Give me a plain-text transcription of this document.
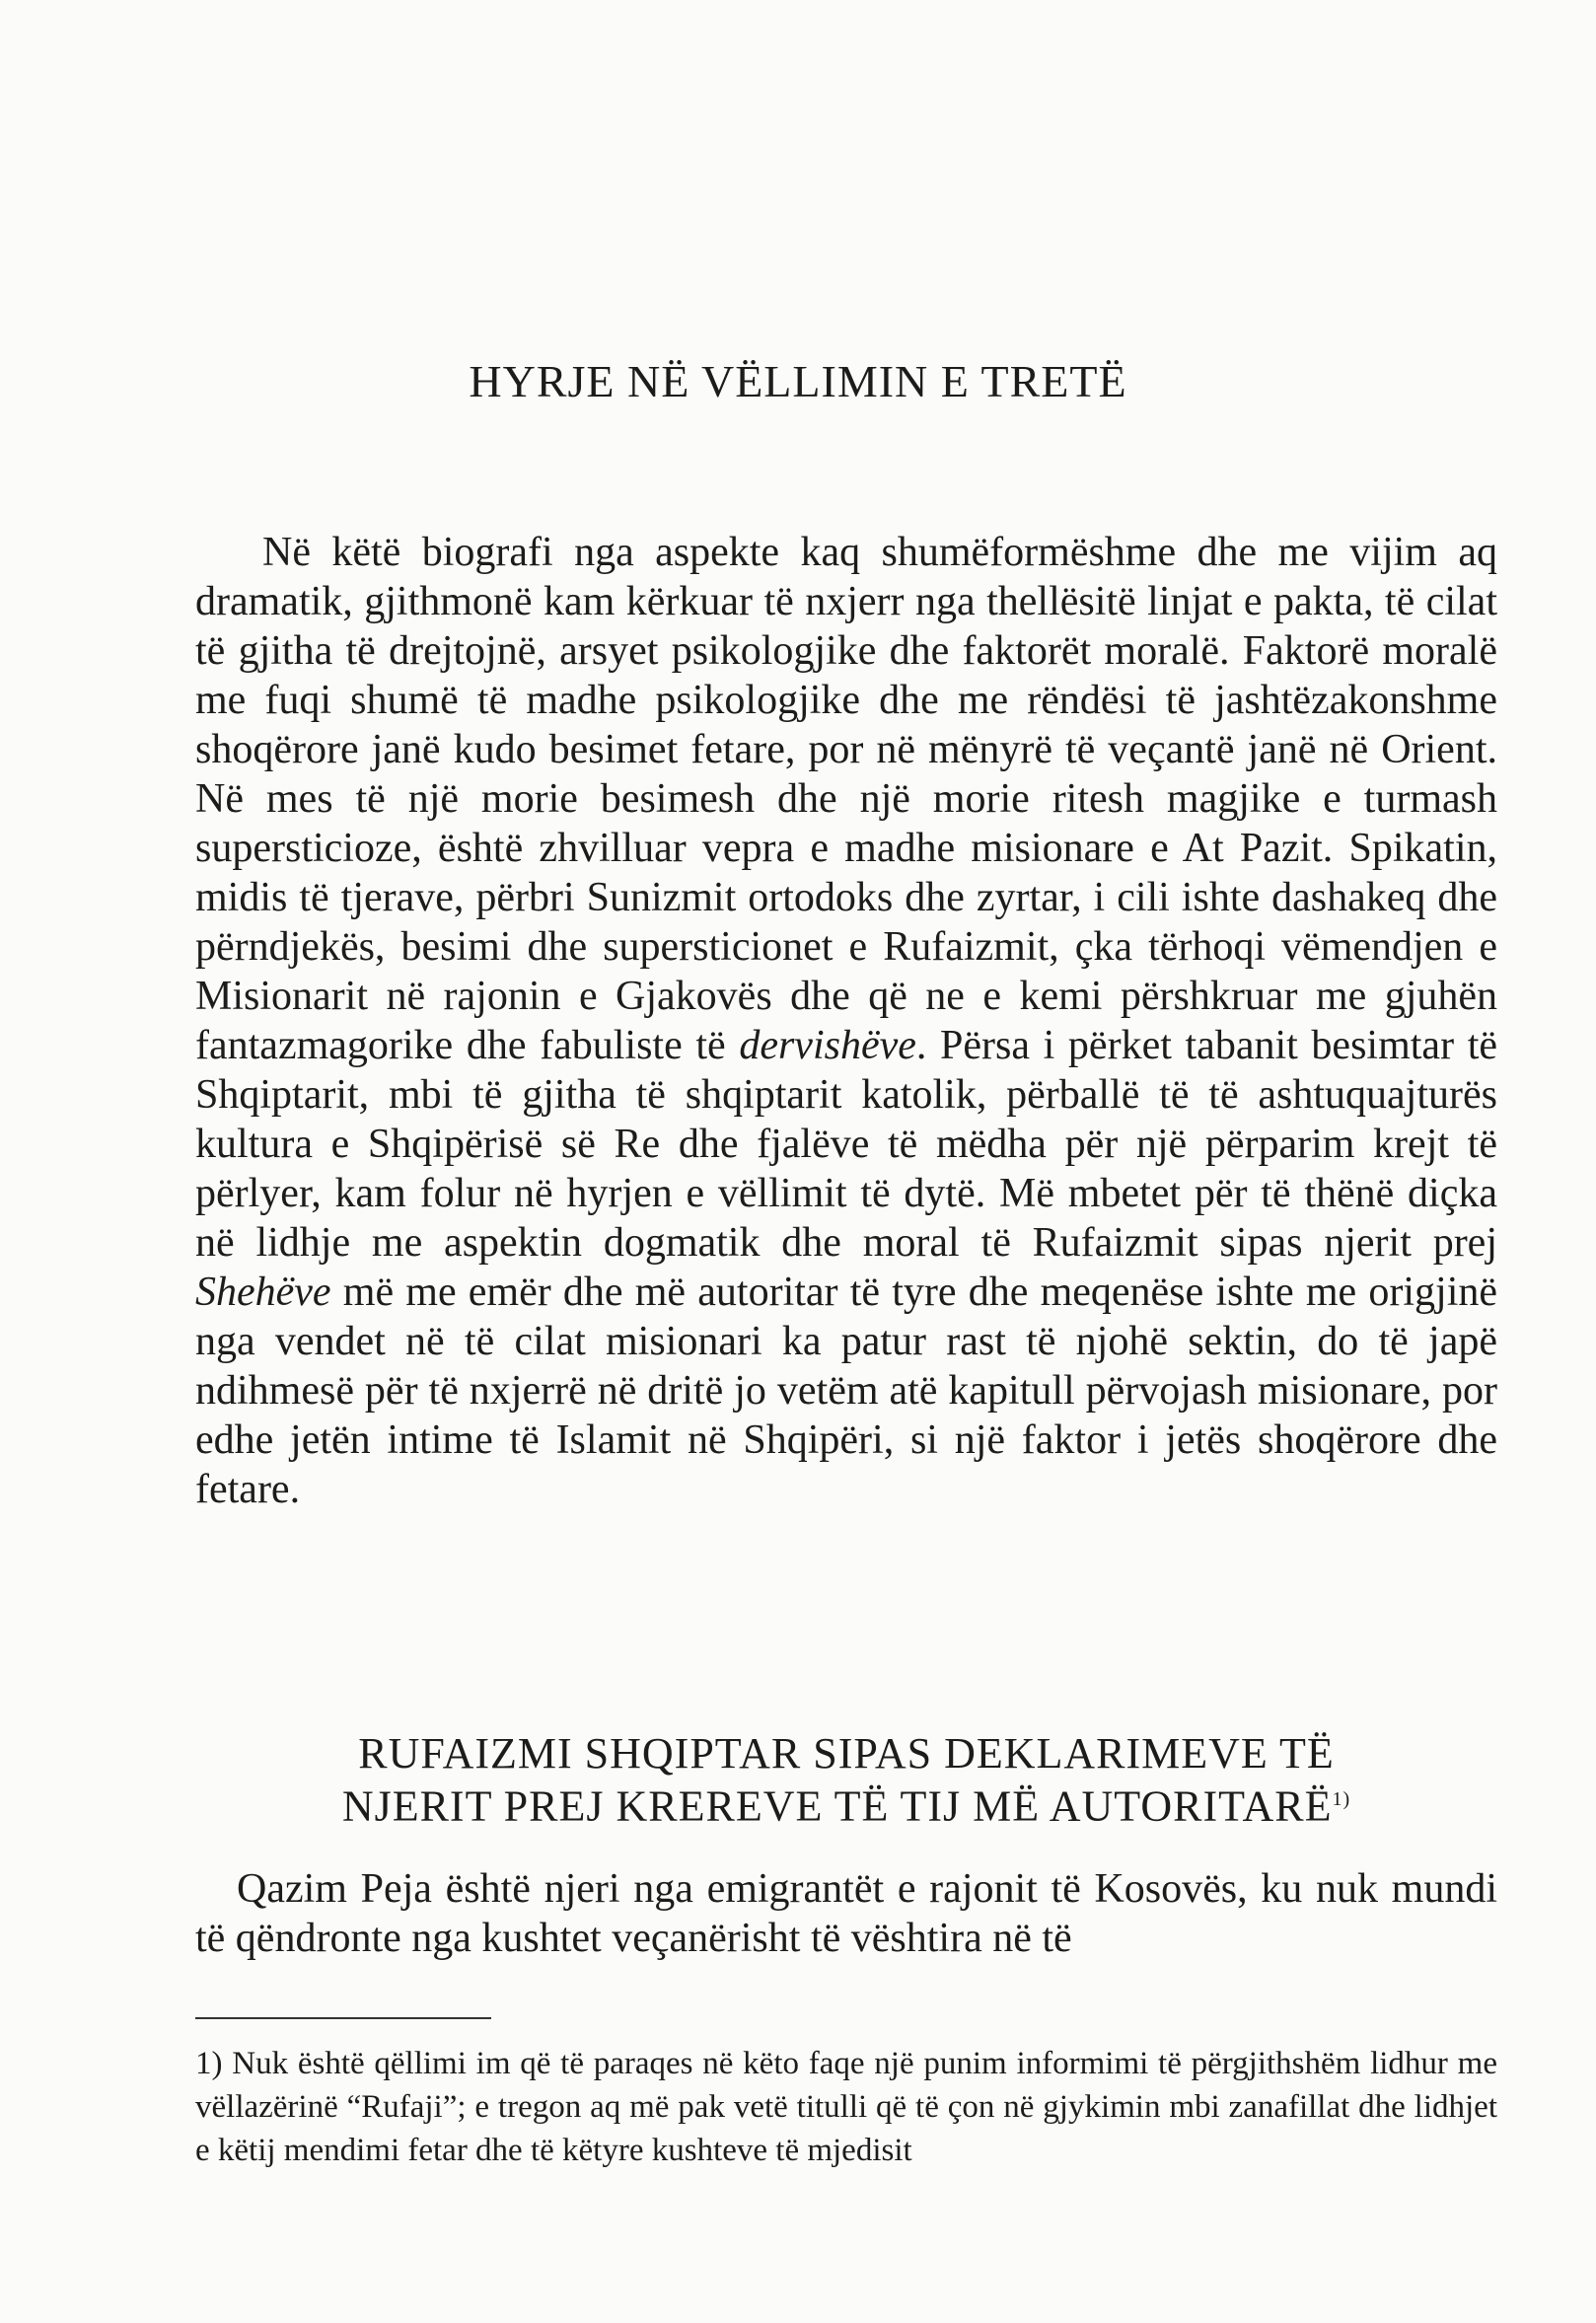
HYRJE NË VËLLIMIN E TRETË

Në këtë biografi nga aspekte kaq shumëformëshme dhe me vijim aq dramatik, gjithmonë kam kërkuar të nxjerr nga thellësitë linjat e pakta, të cilat të gjitha të drejtojnë, arsyet psikologjike dhe faktorët moralë. Faktorë moralë me fuqi shumë të madhe psikologjike dhe me rëndësi të jashtëzakonshme shoqërore janë kudo besimet fetare, por në mënyrë të veçantë janë në Orient. Në mes të një morie besimesh dhe një morie ritesh magjike e turmash supersticioze, është zhvilluar vepra e madhe misionare e At Pazit. Spikatin, midis të tjerave, përbri Sunizmit ortodoks dhe zyrtar, i cili ishte dashakeq dhe përndjekës, besimi dhe supersticionet e Rufaizmit, çka tërhoqi vëmendjen e Misionarit në rajonin e Gjakovës dhe që ne e kemi përshkruar me gjuhën fantazmagorike dhe fabuliste të dervishëve. Përsa i përket tabanit besimtar të Shqiptarit, mbi të gjitha të shqiptarit katolik, përballë të të ashtuquajturës kultura e Shqipërisë së Re dhe fjalëve të mëdha për një përparim krejt të përlyer, kam folur në hyrjen e vëllimit të dytë. Më mbetet për të thënë diçka në lidhje me aspektin dogmatik dhe moral të Rufaizmit sipas njerit prej Shehëve më me emër dhe më autoritar të tyre dhe meqenëse ishte me origjinë nga vendet në të cilat misionari ka patur rast të njohë sektin, do të japë ndihmesë për të nxjerrë në dritë jo vetëm atë kapitull përvojash misionare, por edhe jetën intime të Islamit në Shqipëri, si një faktor i jetës shoqërore dhe fetare.

RUFAIZMI SHQIPTAR SIPAS DEKLARIMEVE TË
NJERIT PREJ KREREVE TË TIJ MË AUTORITARË$^{1)}$

Qazim Peja është njeri nga emigrantët e rajonit të Kosovës, ku nuk mundi të qëndronte nga kushtet veçanërisht të vështira në të

1) Nuk është qëllimi im që të paraqes në këto faqe një punim informimi të përgjithshëm lidhur me vëllazërinë “Rufaji”; e tregon aq më pak vetë titulli që të çon në gjykimin mbi zanafillat dhe lidhjet e këtij mendimi fetar dhe të këtyre kushteve të mjedisit
